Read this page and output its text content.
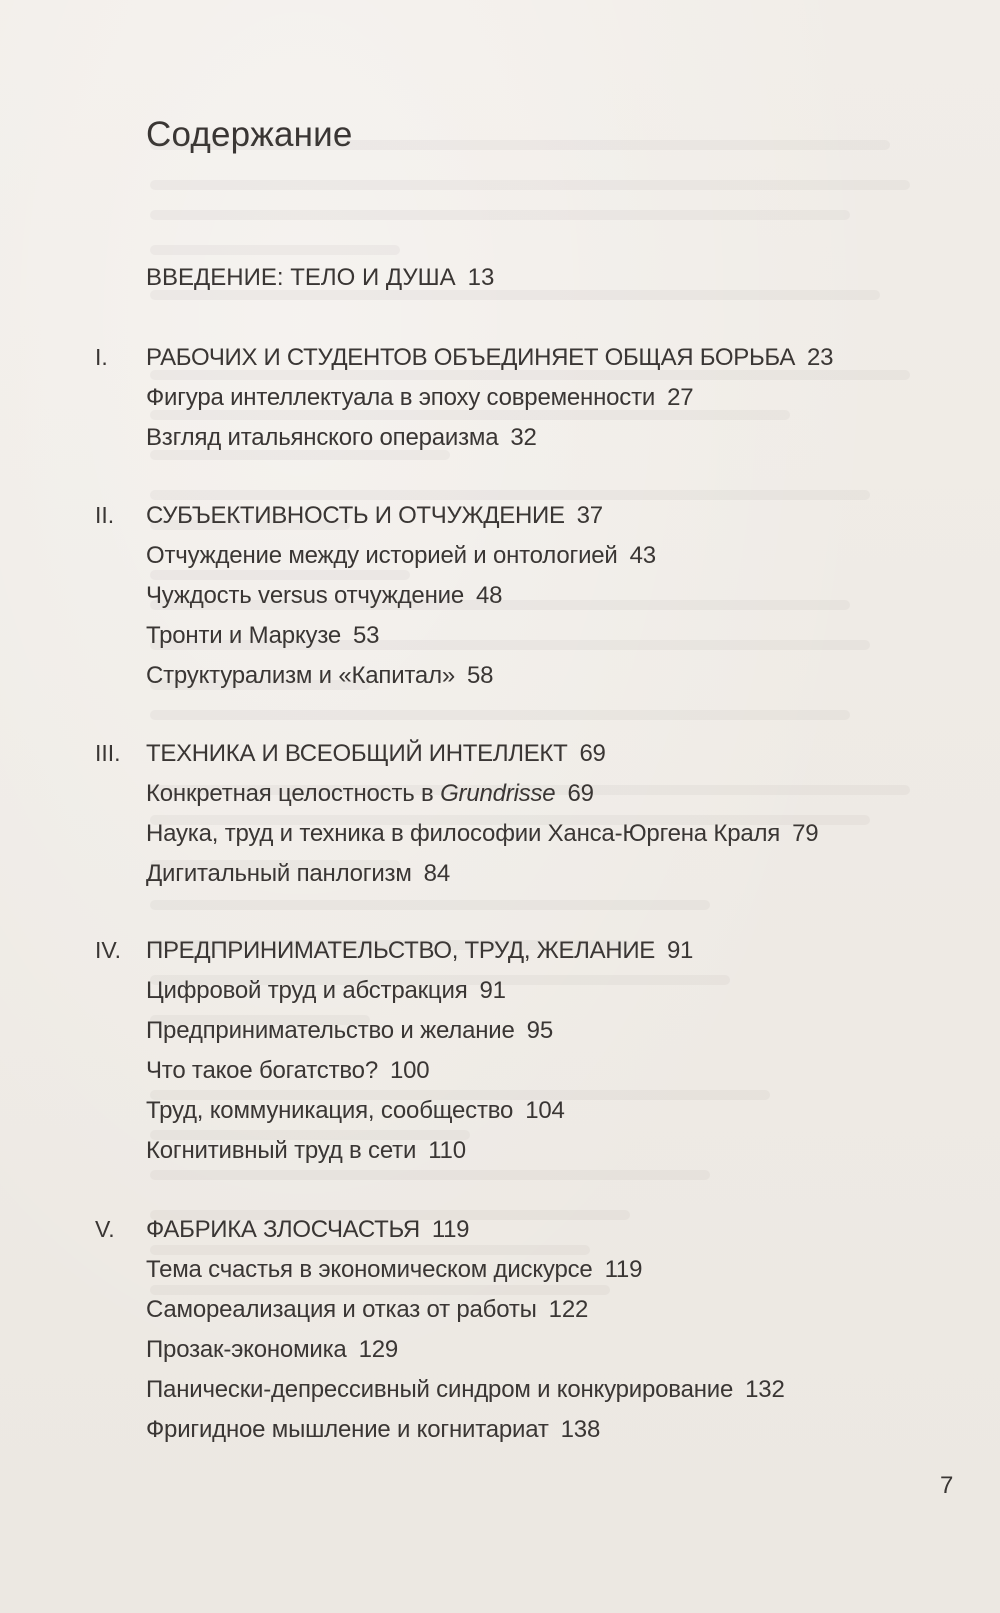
Содержание
ВВЕДЕНИЕ: ТЕЛО И ДУША 13
I. РАБОЧИХ И СТУДЕНТОВ ОБЪЕДИНЯЕТ ОБЩАЯ БОРЬБА 23
Фигура интеллектуала в эпоху современности 27
Взгляд итальянского операизма 32
II. СУБЪЕКТИВНОСТЬ И ОТЧУЖДЕНИЕ 37
Отчуждение между историей и онтологией 43
Чуждость versus отчуждение 48
Тронти и Маркузе 53
Структурализм и «Капитал» 58
III. ТЕХНИКА И ВСЕОБЩИЙ ИНТЕЛЛЕКТ 69
Конкретная целостность в Grundrisse 69
Наука, труд и техника в философии Ханса-Юргена Краля 79
Дигитальный панлогизм 84
IV. ПРЕДПРИНИМАТЕЛЬСТВО, ТРУД, ЖЕЛАНИЕ 91
Цифровой труд и абстракция 91
Предпринимательство и желание 95
Что такое богатство? 100
Труд, коммуникация, сообщество 104
Когнитивный труд в сети 110
V. ФАБРИКА ЗЛОСЧАСТЬЯ 119
Тема счастья в экономическом дискурсе 119
Самореализация и отказ от работы 122
Прозак-экономика 129
Панически-депрессивный синдром и конкурирование 132
Фригидное мышление и когнитариат 138
7
